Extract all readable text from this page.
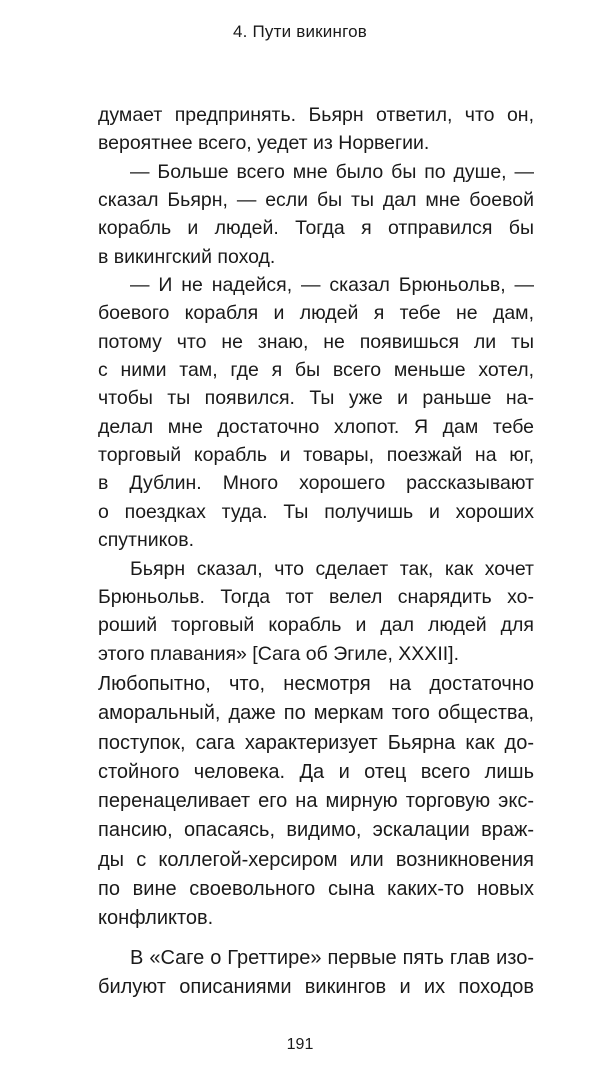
4. Пути викингов
думает предпринять. Бьярн ответил, что он,
вероятнее всего, уедет из Норвегии.
— Больше всего мне было бы по душе, —
сказал Бьярн, — если бы ты дал мне боевой
корабль и людей. Тогда я отправился бы
в викингский поход.
— И не надейся, — сказал Брюньольв, —
боевого корабля и людей я тебе не дам,
потому что не знаю, не появишься ли ты
с ними там, где я бы всего меньше хотел,
чтобы ты появился. Ты уже и раньше на-
делал мне достаточно хлопот. Я дам тебе
торговый корабль и товары, поезжай на юг,
в Дублин. Много хорошего рассказывают
о поездках туда. Ты получишь и хороших
спутников.
Бьярн сказал, что сделает так, как хочет
Брюньольв. Тогда тот велел снарядить хо-
роший торговый корабль и дал людей для
этого плавания» [Сага об Эгиле, XXXII].
Любопытно, что, несмотря на достаточно
аморальный, даже по меркам того общества,
поступок, сага характеризует Бьярна как до-
стойного человека. Да и отец всего лишь
перенацеливает его на мирную торговую экс-
пансию, опасаясь, видимо, эскалации враж-
ды с коллегой-херсиром или возникновения
по вине своевольного сына каких-то новых
конфликтов.
В «Саге о Греттире» первые пять глав изо-
билуют описаниями викингов и их походов
191
